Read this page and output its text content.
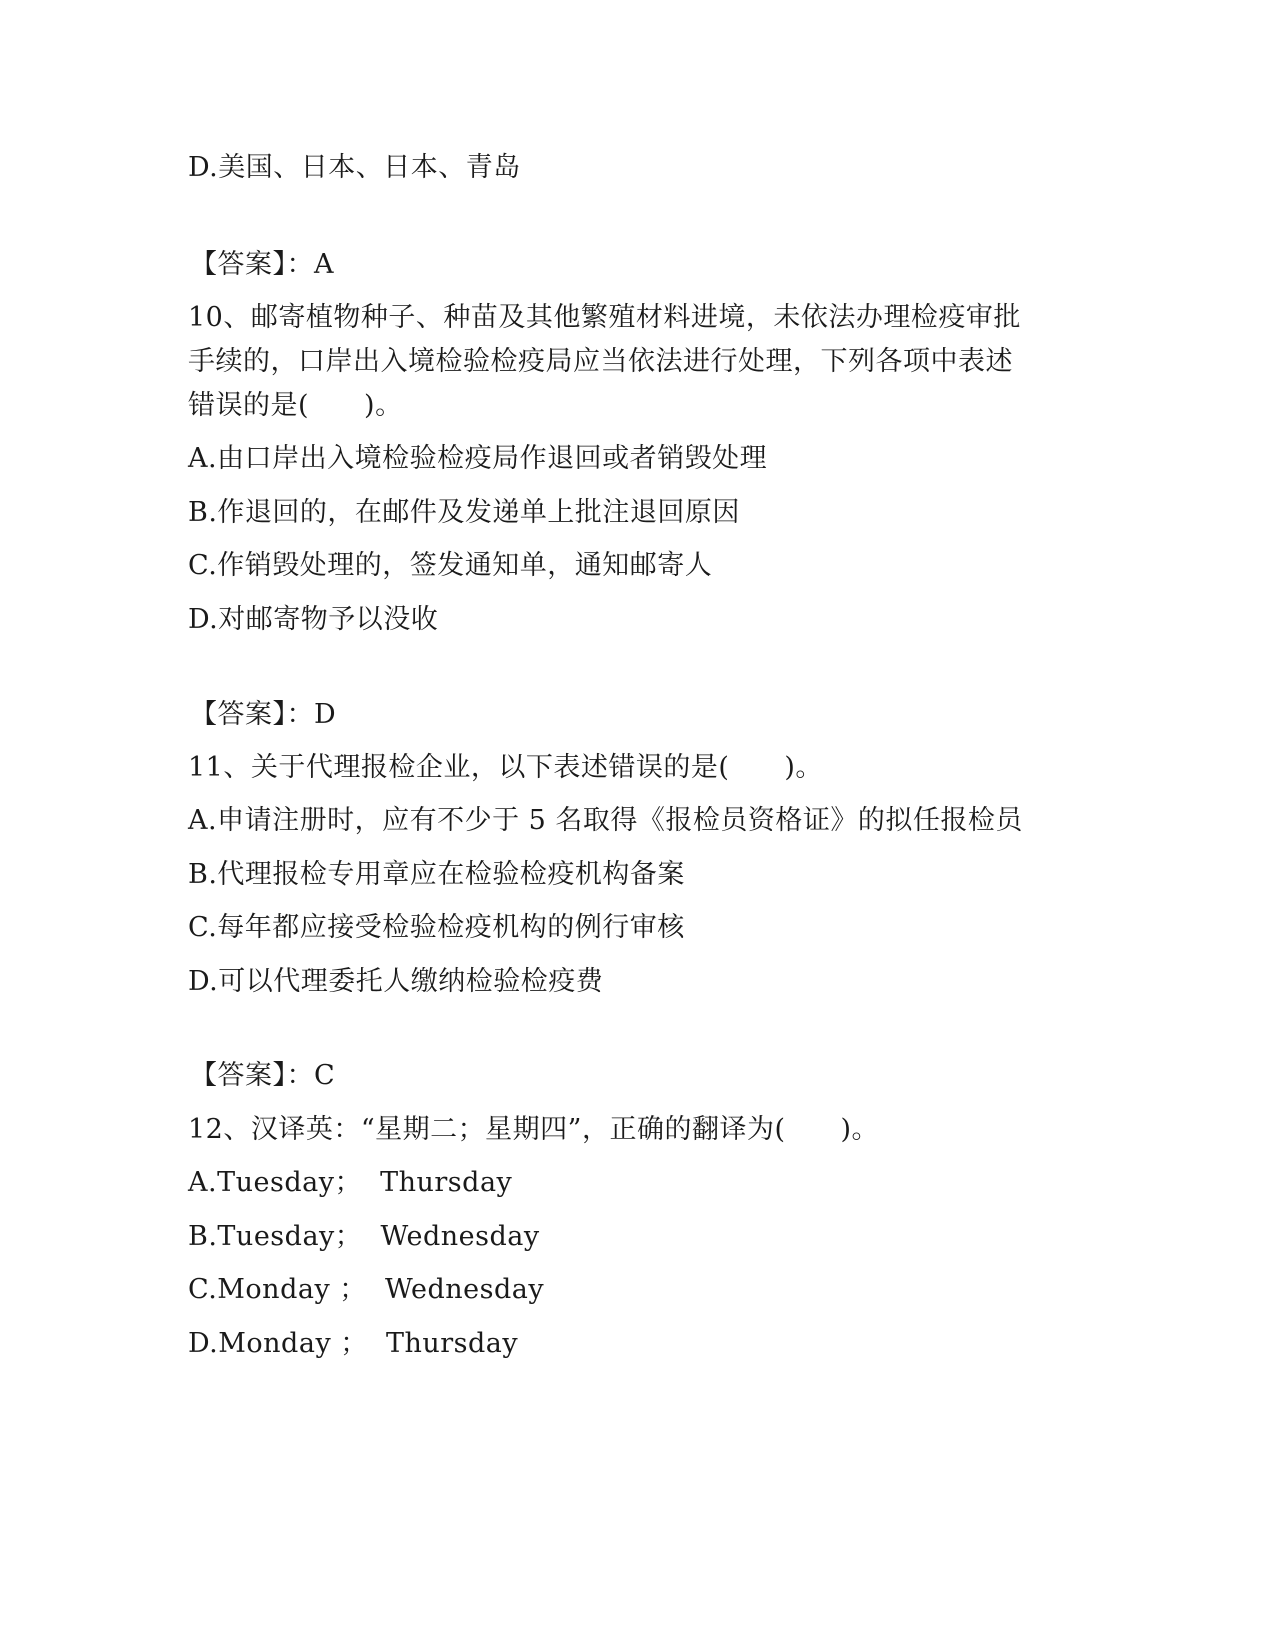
D.美国、日本、日本、青岛
【答案】：A
10、邮寄植物种子、种苗及其他繁殖材料进境，未依法办理检疫审批
手续的，口岸出入境检验检疫局应当依法进行处理，下列各项中表述
错误的是(　　)。
A.由口岸出入境检验检疫局作退回或者销毁处理
B.作退回的，在邮件及发递单上批注退回原因
C.作销毁处理的，签发通知单，通知邮寄人
D.对邮寄物予以没收
【答案】：D
11、关于代理报检企业，以下表述错误的是(　　)。
A.申请注册时，应有不少于 5 名取得《报检员资格证》的拟任报检员
B.代理报检专用章应在检验检疫机构备案
C.每年都应接受检验检疫机构的例行审核
D.可以代理委托人缴纳检验检疫费
【答案】：C
12、汉译英：“星期二；星期四”，正确的翻译为(　　)。
A.Tuesday；  Thursday
B.Tuesday；  Wednesday
C.Monday ；  Wednesday
D.Monday ；  Thursday
